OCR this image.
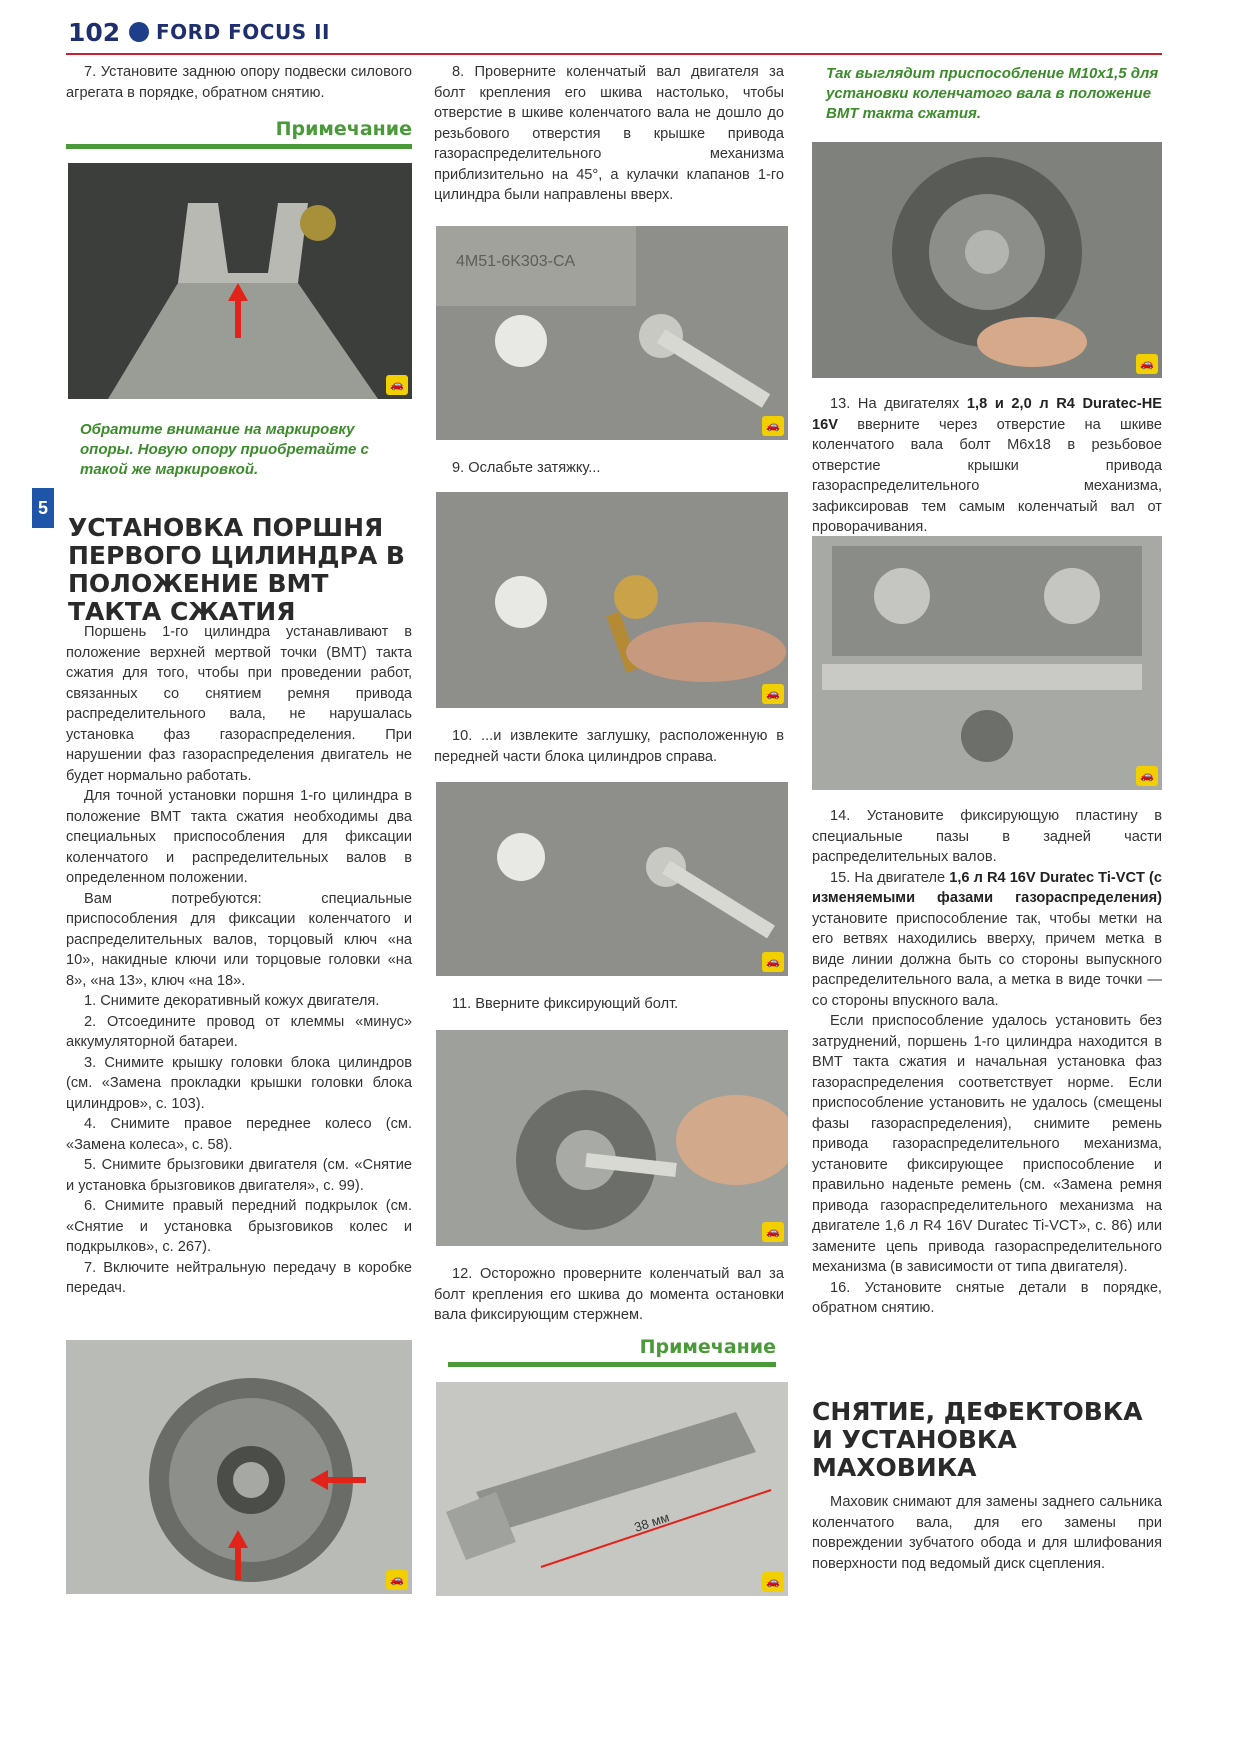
102 FORD FOCUS II
5

7. Установите заднюю опору подвески силового агрегата в порядке, обратном снятию.

Примечание
🚗
Обратите внимание на маркировку опоры. Новую опору приобретайте с такой же маркировкой.
УСТАНОВКА ПОРШНЯ ПЕРВОГО ЦИЛИНДРА В ПОЛОЖЕНИЕ ВМТ ТАКТА СЖАТИЯ

Поршень 1-го цилиндра устанавливают в положение верхней мертвой точки (ВМТ) такта сжатия для того, чтобы при проведении работ, связанных со снятием ремня привода распределительного вала, не нарушалась установка фаз газораспределения. При нарушении фаз газораспределения двигатель не будет нормально работать.

Для точной установки поршня 1-го цилиндра в положение ВМТ такта сжатия необходимы два специальных приспособления для фиксации коленчатого и распределительных валов в определенном положении.

Вам потребуются: специальные приспособления для фиксации коленчатого и распределительных валов, торцовый ключ «на 10», накидные ключи или торцовые головки «на 8», «на 13», ключ «на 18».

1. Снимите декоративный кожух двигателя.

2. Отсоедините провод от клеммы «минус» аккумуляторной батареи.

3. Снимите крышку головки блока цилиндров (см. «Замена прокладки крышки головки блока цилиндров», с. 103).

4. Снимите правое переднее колесо (см. «Замена колеса», с. 58).

5. Снимите брызговики двигателя (см. «Снятие и установка брызговиков двигателя», с. 99).

6. Снимите правый передний подкрылок (см. «Снятие и установка брызговиков колес и подкрылков», с. 267).

7. Включите нейтральную передачу в коробке передач.

🚗

8. Проверните коленчатый вал двигателя за болт крепления его шкива настолько, чтобы отверстие в шкиве коленчатого вала не дошло до резьбового отверстия в крышке привода газораспределительного механизма приблизительно на 45°, а кулачки клапанов 1-го цилиндра были направлены вверх.

4M51-6K303-CA
🚗

9. Ослабьте затяжку...

🚗

10. ...и извлеките заглушку, расположенную в передней части блока цилиндров справа.

🚗

11. Вверните фиксирующий болт.

🚗

12. Осторожно проверните коленчатый вал за болт крепления его шкива до момента остановки вала фиксирующим стержнем.

Примечание
38 мм
🚗
Так выглядит приспособление М10х1,5 для установки коленчатого вала в положение ВМТ такта сжатия.
🚗

13. На двигателях 1,8 и 2,0 л R4 Duratec-HE 16V вверните через отверстие на шкиве коленчатого вала болт М6х18 в резьбовое отверстие крышки привода газораспределительного механизма, зафиксировав тем самым коленчатый вал от проворачивания.

🚗

14. Установите фиксирующую пластину в специальные пазы в задней части распределительных валов.

15. На двигателе 1,6 л R4 16V Duratec Ti-VCT (с изменяемыми фазами газораспределения) установите приспособление так, чтобы метки на его ветвях находились вверху, причем метка в виде линии должна быть со стороны выпускного распределительного вала, а метка в виде точки — со стороны впускного вала.

Если приспособление удалось установить без затруднений, поршень 1-го цилиндра находится в ВМТ такта сжатия и начальная установка фаз газораспределения соответствует норме. Если приспособление установить не удалось (смещены фазы газораспределения), снимите ремень привода газораспределительного механизма, установите фиксирующее приспособление и правильно наденьте ремень (см. «Замена ремня привода газораспределительного механизма на двигателе 1,6 л R4 16V Duratec Ti-VCT», с. 86) или замените цепь привода газораспределительного механизма (в зависимости от типа двигателя).

16. Установите снятые детали в порядке, обратном снятию.

СНЯТИЕ, ДЕФЕКТОВКА И УСТАНОВКА МАХОВИКА

Маховик снимают для замены заднего сальника коленчатого вала, для его замены при повреждении зубчатого обода и для шлифования поверхности под ведомый диск сцепления.
